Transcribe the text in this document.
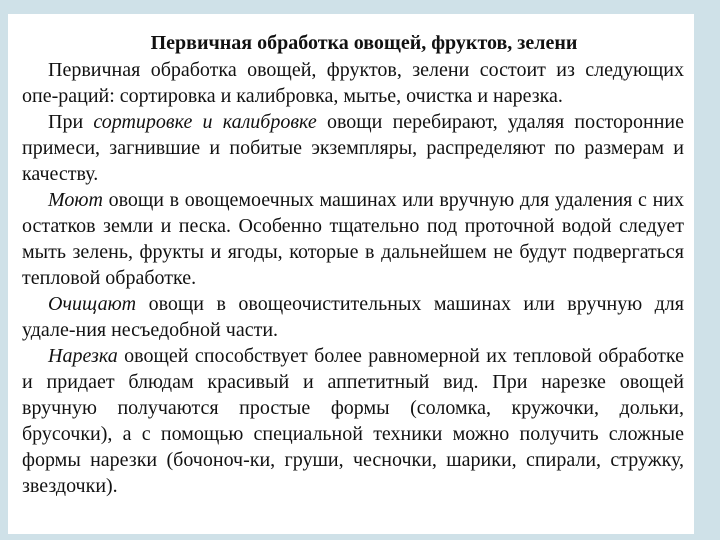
Первичная обработка овощей, фруктов, зелени

Первичная обработка овощей, фруктов, зелени состоит из следующих опе-раций: сортировка и калибровка, мытье, очистка и нарезка.

При сортировке и калибровке овощи перебирают, удаляя посторонние примеси, загнившие и побитые экземпляры, распределяют по размерам и качеству.

Моют овощи в овощемоечных машинах или вручную для удаления с них остатков земли и песка. Особенно тщательно под проточной водой следует мыть зелень, фрукты и ягоды, которые в дальнейшем не будут подвергаться тепловой обработке.

Очищают овощи в овощеочистительных машинах или вручную для удале-ния несъедобной части.

Нарезка овощей способствует более равномерной их тепловой обработке и придает блюдам красивый и аппетитный вид. При нарезке овощей вручную получаются простые формы (соломка, кружочки, дольки, брусочки), а с помощью специальной техники можно получить сложные формы нарезки (бочоноч-ки, груши, чесночки, шарики, спирали, стружку, звездочки).
